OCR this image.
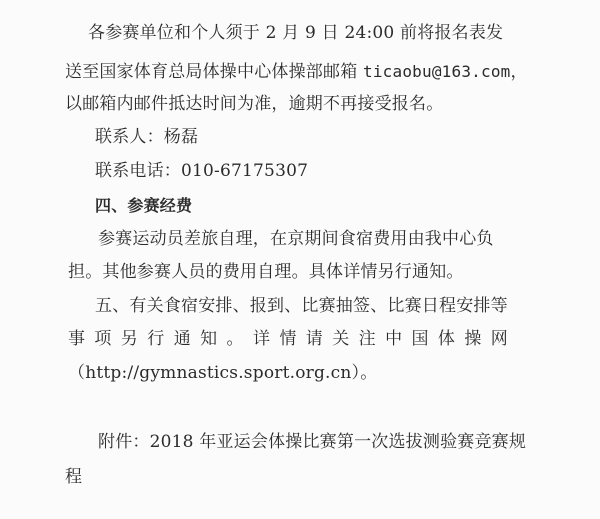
各参赛单位和个人须于 2 月 9 日 24:00 前将报名表发
送至国家体育总局体操中心体操部邮箱 ticaobu@163.com，
以邮箱内邮件抵达时间为准，逾期不再接受报名。
联系人：杨磊
联系电话：010-67175307
四、参赛经费
参赛运动员差旅自理，在京期间食宿费用由我中心负
担。其他参赛人员的费用自理。具体详情另行通知。
五、有关食宿安排、报到、比赛抽签、比赛日程安排等
事 项 另 行 通 知 。 详 情 请 关 注 中 国 体 操 网
（http://gymnastics.sport.org.cn）。
附件：2018 年亚运会体操比赛第一次选拔测验赛竞赛规
程
